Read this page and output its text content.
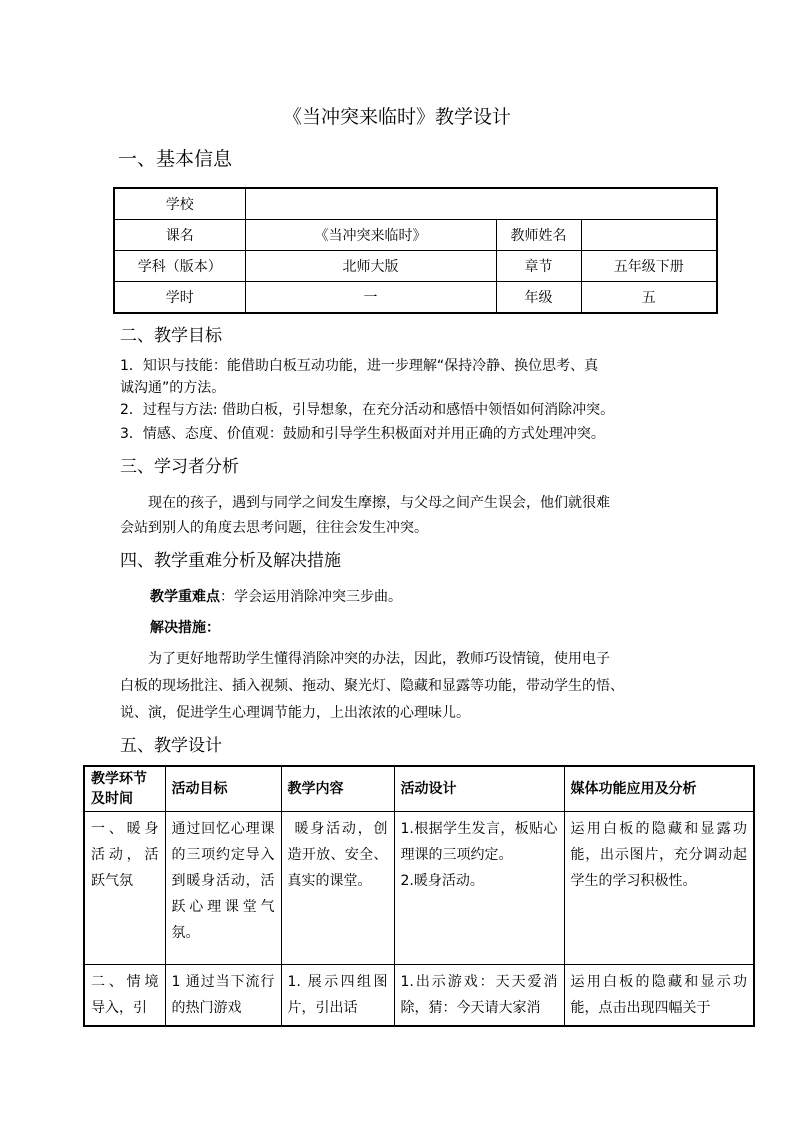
《当冲突来临时》教学设计
一、基本信息
学校			
课名	《当冲突来临时》	教师姓名	
学科（版本）	北师大版	章节	五年级下册
学时	一	年级	五
二、教学目标
1．知识与技能：能借助白板互动功能，进一步理解“保持冷静、换位思考、真
诚沟通”的方法。
2．过程与方法: 借助白板，引导想象，在充分活动和感悟中领悟如何消除冲突。
3．情感、态度、价值观：鼓励和引导学生积极面对并用正确的方式处理冲突。
三、学习者分析
现在的孩子，遇到与同学之间发生摩擦，与父母之间产生误会，他们就很难
会站到别人的角度去思考问题，往往会发生冲突。
四、教学重难分析及解决措施
教学重难点：学会运用消除冲突三步曲。
解决措施：
为了更好地帮助学生懂得消除冲突的办法，因此，教师巧设情镜，使用电子
白板的现场批注、插入视频、拖动、聚光灯、隐藏和显露等功能，带动学生的悟、
说、演，促进学生心理调节能力，上出浓浓的心理味儿。
五、教学设计
教学环节及时间	活动目标	教学内容	活动设计	媒体功能应用及分析
一、暖身活动，活跃气氛	通过回忆心理课的三项约定导入到暖身活动，活跃心理课堂气氛。	暖身活动，创造开放、安全、真实的课堂。	1.根据学生发言，板贴心理课的三项约定。
2.暖身活动。	运用白板的隐藏和显露功能，出示图片，充分调动起学生的学习积极性。
二、情境导入，引	1 通过当下流行的热门游戏	1. 展示四组图片，引出话	1.出示游戏：天天爱消除，猜：今天请大家消	运用白板的隐藏和显示功能，点击出现四幅关于
